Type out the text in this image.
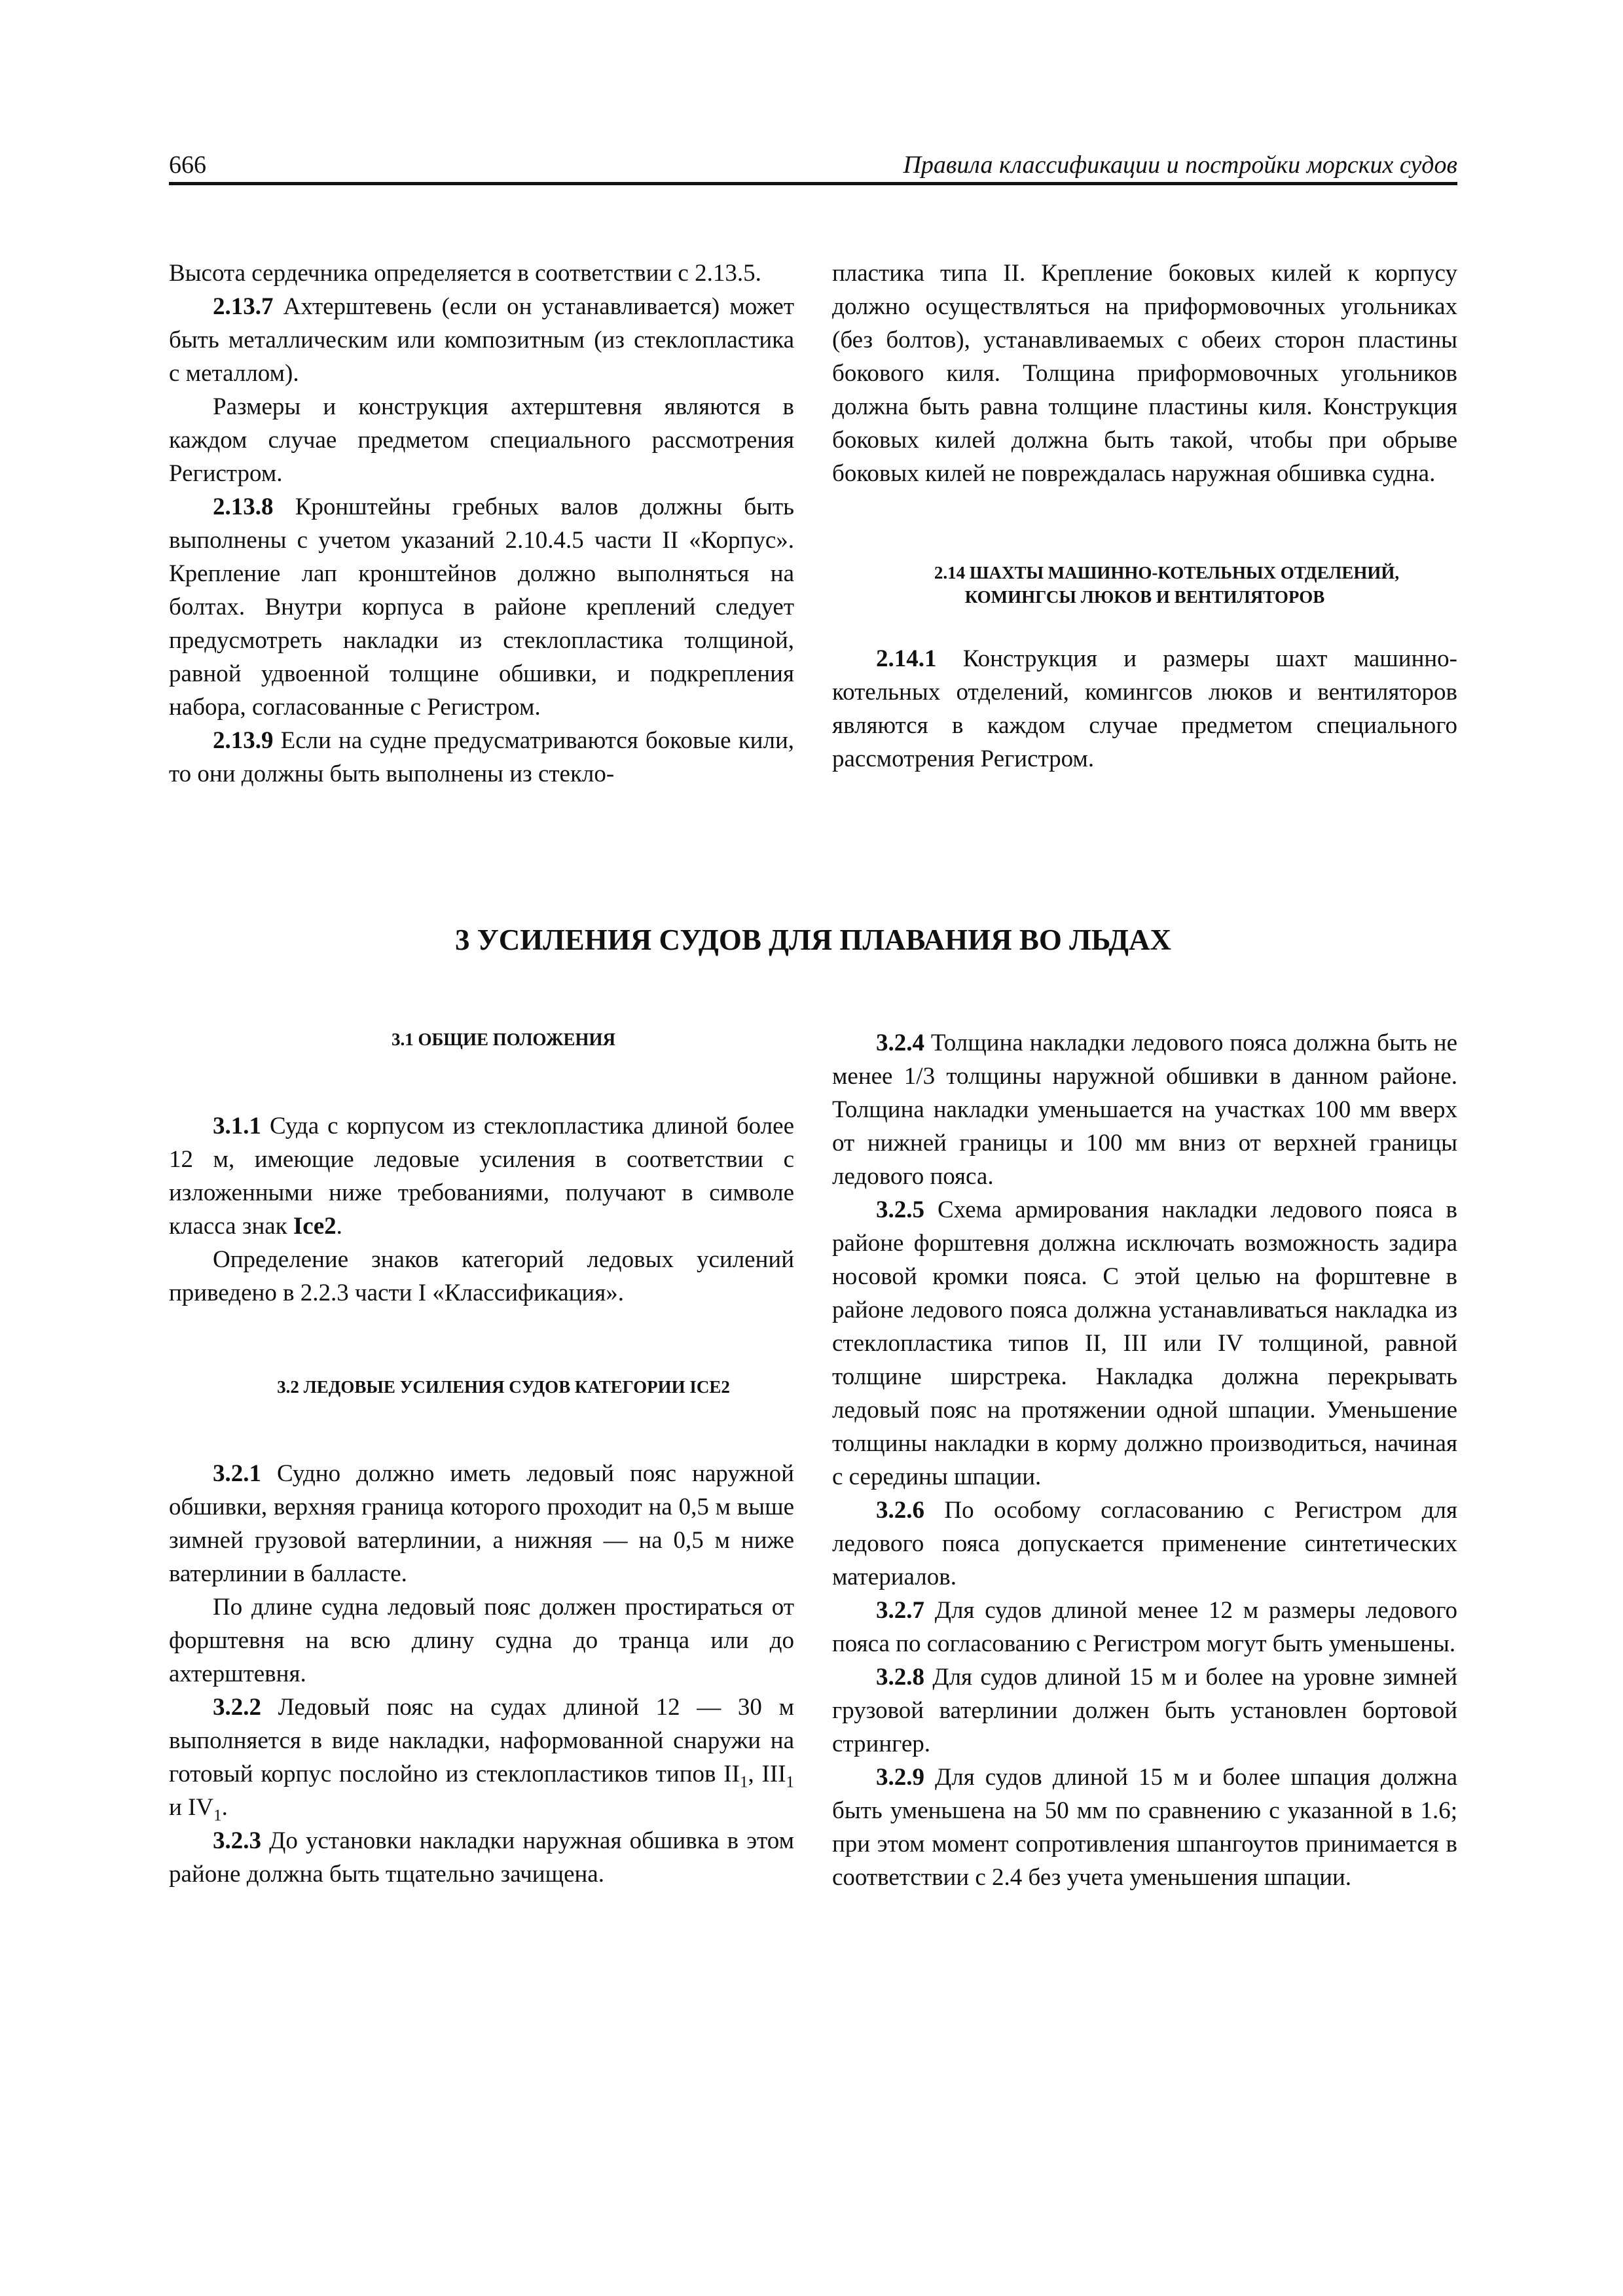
666	Правила классификации и постройки морских судов

Высота сердечника определяется в соответствии с 2.13.5.

2.13.7 Ахтерштевень (если он устанавливается) может быть металлическим или композитным (из стеклопластика с металлом).

Размеры и конструкция ахтерштевня являются в каждом случае предметом специального рассмотрения Регистром.

2.13.8 Кронштейны гребных валов должны быть выполнены с учетом указаний 2.10.4.5 части II «Корпус». Крепление лап кронштейнов должно выполняться на болтах. Внутри корпуса в районе креплений следует предусмотреть накладки из стеклопластика толщиной, равной удвоенной толщине обшивки, и подкрепления набора, согласованные с Регистром.

2.13.9 Если на судне предусматриваются боковые кили, то они должны быть выполнены из стекло-

пластика типа II. Крепление боковых килей к корпусу должно осуществляться на приформовочных угольниках (без болтов), устанавливаемых с обеих сторон пластины бокового киля. Толщина приформовочных угольников должна быть равна толщине пластины киля. Конструкция боковых килей должна быть такой, чтобы при обрыве боковых килей не повреждалась наружная обшивка судна.

2.14 ШАХТЫ МАШИННО-КОТЕЛЬНЫХ ОТДЕЛЕНИЙ,
КОМИНГСЫ ЛЮКОВ И ВЕНТИЛЯТОРОВ

2.14.1 Конструкция и размеры шахт машинно-котельных отделений, комингсов люков и вентиляторов являются в каждом случае предметом специального рассмотрения Регистром.

3 УСИЛЕНИЯ СУДОВ ДЛЯ ПЛАВАНИЯ ВО ЛЬДАХ

3.1 ОБЩИЕ ПОЛОЖЕНИЯ

3.1.1 Суда с корпусом из стеклопластика длиной более 12 м, имеющие ледовые усиления в соответствии с изложенными ниже требованиями, получают в символе класса знак Ice2.

Определение знаков категорий ледовых усилений приведено в 2.2.3 части I «Классификация».

3.2 ЛЕДОВЫЕ УСИЛЕНИЯ СУДОВ КАТЕГОРИИ ICE2

3.2.1 Судно должно иметь ледовый пояс наружной обшивки, верхняя граница которого проходит на 0,5 м выше зимней грузовой ватерлинии, а нижняя — на 0,5 м ниже ватерлинии в балласте.

По длине судна ледовый пояс должен простираться от форштевня на всю длину судна до транца или до ахтерштевня.

3.2.2 Ледовый пояс на судах длиной 12 — 30 м выполняется в виде накладки, наформованной снаружи на готовый корпус послойно из стеклопластиков типов $II_1$, $III_1$ и $IV_1$.

3.2.3 До установки накладки наружная обшивка в этом районе должна быть тщательно зачищена.

3.2.4 Толщина накладки ледового пояса должна быть не менее 1/3 толщины наружной обшивки в данном районе. Толщина накладки уменьшается на участках 100 мм вверх от нижней границы и 100 мм вниз от верхней границы ледового пояса.

3.2.5 Схема армирования накладки ледового пояса в районе форштевня должна исключать возможность задира носовой кромки пояса. С этой целью на форштевне в районе ледового пояса должна устанавливаться накладка из стеклопластика типов II, III или IV толщиной, равной толщине ширстрека. Накладка должна перекрывать ледовый пояс на протяжении одной шпации. Уменьшение толщины накладки в корму должно производиться, начиная с середины шпации.

3.2.6 По особому согласованию с Регистром для ледового пояса допускается применение синтетических материалов.

3.2.7 Для судов длиной менее 12 м размеры ледового пояса по согласованию с Регистром могут быть уменьшены.

3.2.8 Для судов длиной 15 м и более на уровне зимней грузовой ватерлинии должен быть установлен бортовой стрингер.

3.2.9 Для судов длиной 15 м и более шпация должна быть уменьшена на 50 мм по сравнению с указанной в 1.6; при этом момент сопротивления шпангоутов принимается в соответствии с 2.4 без учета уменьшения шпации.
